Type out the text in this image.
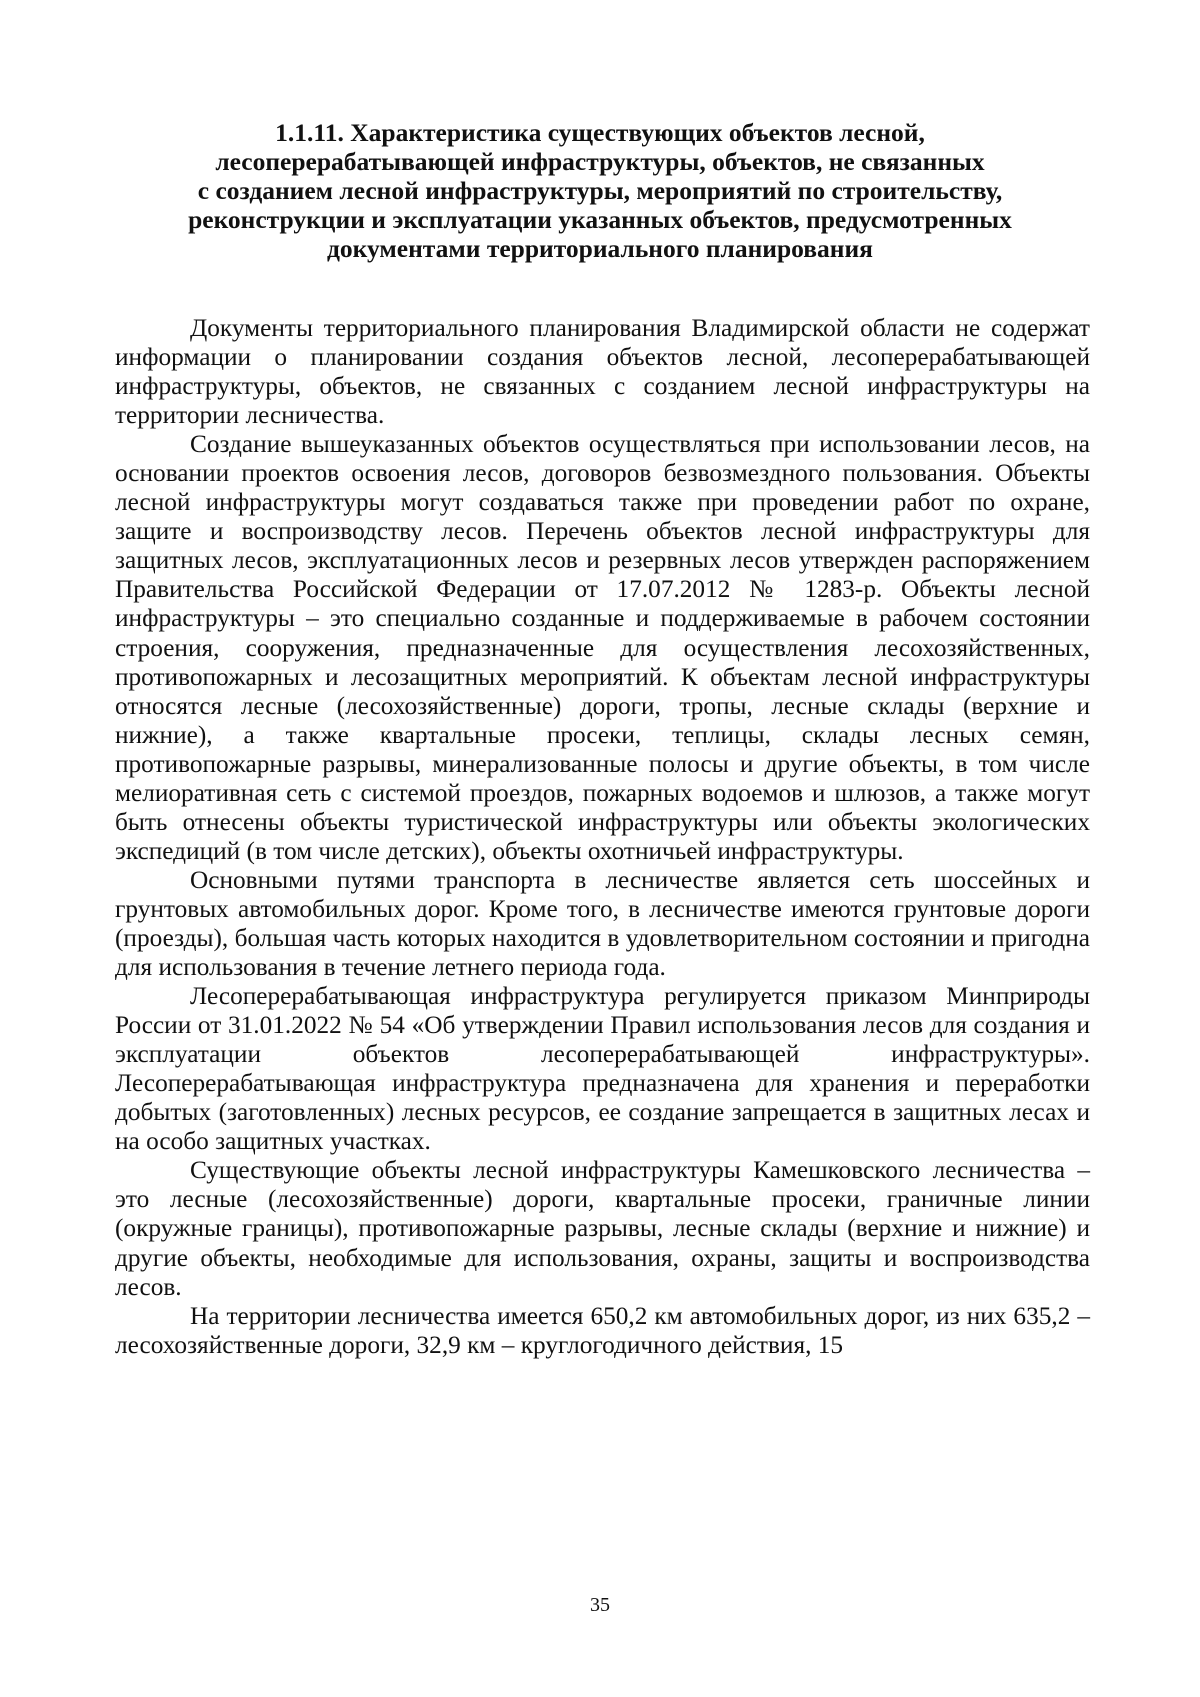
1.1.11. Характеристика существующих объектов лесной,
лесоперерабатывающей инфраструктуры, объектов, не связанных
с созданием лесной инфраструктуры, мероприятий по строительству,
реконструкции и эксплуатации указанных объектов, предусмотренных
документами территориального планирования

Документы территориального планирования Владимирской области не содержат информации о планировании создания объектов лесной, лесоперерабатывающей инфраструктуры, объектов, не связанных с созданием лесной инфраструктуры на территории лесничества.

Создание вышеуказанных объектов осуществляться при использовании лесов, на основании проектов освоения лесов, договоров безвозмездного пользования. Объекты лесной инфраструктуры могут создаваться также при проведении работ по охране, защите и воспроизводству лесов. Перечень объектов лесной инфраструктуры для защитных лесов, эксплуатационных лесов и резервных лесов утвержден распоряжением Правительства Российской Федерации от 17.07.2012 № 1283-р. Объекты лесной инфраструктуры – это специально созданные и поддерживаемые в рабочем состоянии строения, сооружения, предназначенные для осуществления лесохозяйственных, противопожарных и лесозащитных мероприятий. К объектам лесной инфраструктуры относятся лесные (лесохозяйственные) дороги, тропы, лесные склады (верхние и нижние), а также квартальные просеки, теплицы, склады лесных семян, противопожарные разрывы, минерализованные полосы и другие объекты, в том числе мелиоративная сеть с системой проездов, пожарных водоемов и шлюзов, а также могут быть отнесены объекты туристической инфраструктуры или объекты экологических экспедиций (в том числе детских), объекты охотничьей инфраструктуры.

Основными путями транспорта в лесничестве является сеть шоссейных и грунтовых автомобильных дорог. Кроме того, в лесничестве имеются грунтовые дороги (проезды), большая часть которых находится в удовлетворительном состоянии и пригодна для использования в течение летнего периода года.

Лесоперерабатывающая инфраструктура регулируется приказом Минприроды России от 31.01.2022 № 54 «Об утверждении Правил использования лесов для создания и эксплуатации объектов лесоперерабатывающей инфраструктуры». Лесоперерабатывающая инфраструктура предназначена для хранения и переработки добытых (заготовленных) лесных ресурсов, ее создание запрещается в защитных лесах и на особо защитных участках.

Существующие объекты лесной инфраструктуры Камешковского лесничества – это лесные (лесохозяйственные) дороги, квартальные просеки, граничные линии (окружные границы), противопожарные разрывы, лесные склады (верхние и нижние) и другие объекты, необходимые для использования, охраны, защиты и воспроизводства лесов.

На территории лесничества имеется 650,2 км автомобильных дорог, из них 635,2 – лесохозяйственные дороги, 32,9 км – круглогодичного действия, 15

35
